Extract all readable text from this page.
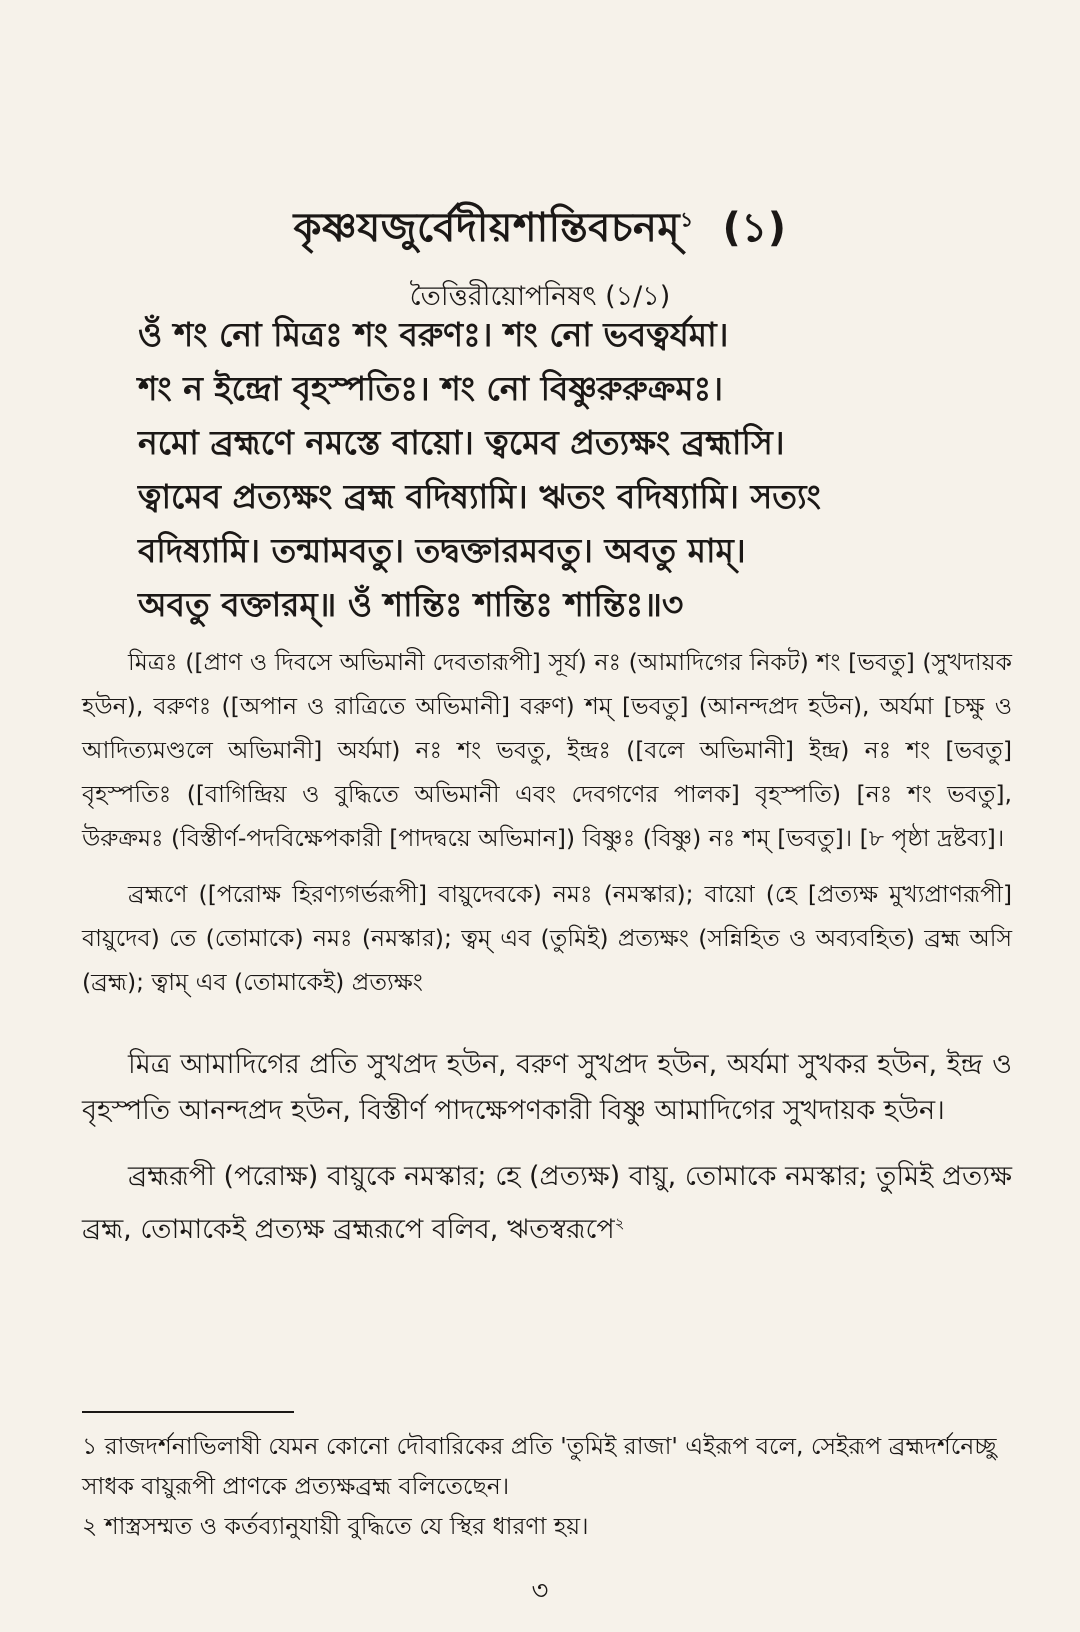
কৃষ্ণযজুর্বেদীয়শান্তিবচনম্$^১$ (১)
তৈত্তিরীয়োপনিষৎ (১/১)
ওঁ শং নো মিত্রঃ শং বরুণঃ। শং নো ভবত্বর্যমা।
শং ন ইন্দ্রো বৃহস্পতিঃ। শং নো বিষ্ণুরুরুক্রমঃ।
নমো ব্রহ্মণে নমস্তে বায়ো। ত্বমেব প্রত্যক্ষং ব্রহ্মাসি।
ত্বামেব প্রত্যক্ষং ব্রহ্ম বদিষ্যামি। ঋতং বদিষ্যামি। সত্যং
বদিষ্যামি। তন্মামবতু। তদ্বক্তারমবতু। অবতু মাম্।
অবতু বক্তারম্॥ ওঁ শান্তিঃ শান্তিঃ শান্তিঃ॥৩
মিত্রঃ ([প্রাণ ও দিবসে অভিমানী দেবতারূপী] সূর্য) নঃ (আমাদিগের নিকট) শং [ভবতু] (সুখদায়ক হউন), বরুণঃ ([অপান ও রাত্রিতে অভিমানী] বরুণ) শম্ [ভবতু] (আনন্দপ্রদ হউন), অর্যমা [চক্ষু ও আদিত্যমণ্ডলে অভিমানী] অর্যমা) নঃ শং ভবতু, ইন্দ্রঃ ([বলে অভিমানী] ইন্দ্র) নঃ শং [ভবতু] বৃহস্পতিঃ ([বাগিন্দ্রিয় ও বুদ্ধিতে অভিমানী এবং দেবগণের পালক] বৃহস্পতি) [নঃ শং ভবতু], উরুক্রমঃ (বিস্তীর্ণ-পদবিক্ষেপকারী [পাদদ্বয়ে অভিমান]) বিষ্ণুঃ (বিষ্ণু) নঃ শম্ [ভবতু]। [৮ পৃষ্ঠা দ্রষ্টব্য]।
ব্রহ্মণে ([পরোক্ষ হিরণ্যগর্ভরূপী] বায়ুদেবকে) নমঃ (নমস্কার); বায়ো (হে [প্রত্যক্ষ মুখ্যপ্রাণরূপী] বায়ুদেব) তে (তোমাকে) নমঃ (নমস্কার); ত্বম্ এব (তুমিই) প্রত্যক্ষং (সন্নিহিত ও অব্যবহিত) ব্রহ্ম অসি (ব্রহ্ম); ত্বাম্ এব (তোমাকেই) প্রত্যক্ষং
মিত্র আমাদিগের প্রতি সুখপ্রদ হউন, বরুণ সুখপ্রদ হউন, অর্যমা সুখকর হউন, ইন্দ্র ও বৃহস্পতি আনন্দপ্রদ হউন, বিস্তীর্ণ পাদক্ষেপণকারী বিষ্ণু আমাদিগের সুখদায়ক হউন।
ব্রহ্মরূপী (পরোক্ষ) বায়ুকে নমস্কার; হে (প্রত্যক্ষ) বায়ু, তোমাকে নমস্কার; তুমিই প্রত্যক্ষ ব্রহ্ম, তোমাকেই প্রত্যক্ষ ব্রহ্মরূপে বলিব, ঋতস্বরূপে$^২$
১ রাজদর্শনাভিলাষী যেমন কোনো দৌবারিকের প্রতি 'তুমিই রাজা' এইরূপ বলে, সেইরূপ ব্রহ্মদর্শনেচ্ছু সাধক বায়ুরূপী প্রাণকে প্রত্যক্ষব্রহ্ম বলিতেছেন।
২ শাস্ত্রসম্মত ও কর্তব্যানুযায়ী বুদ্ধিতে যে স্থির ধারণা হয়।
৩
